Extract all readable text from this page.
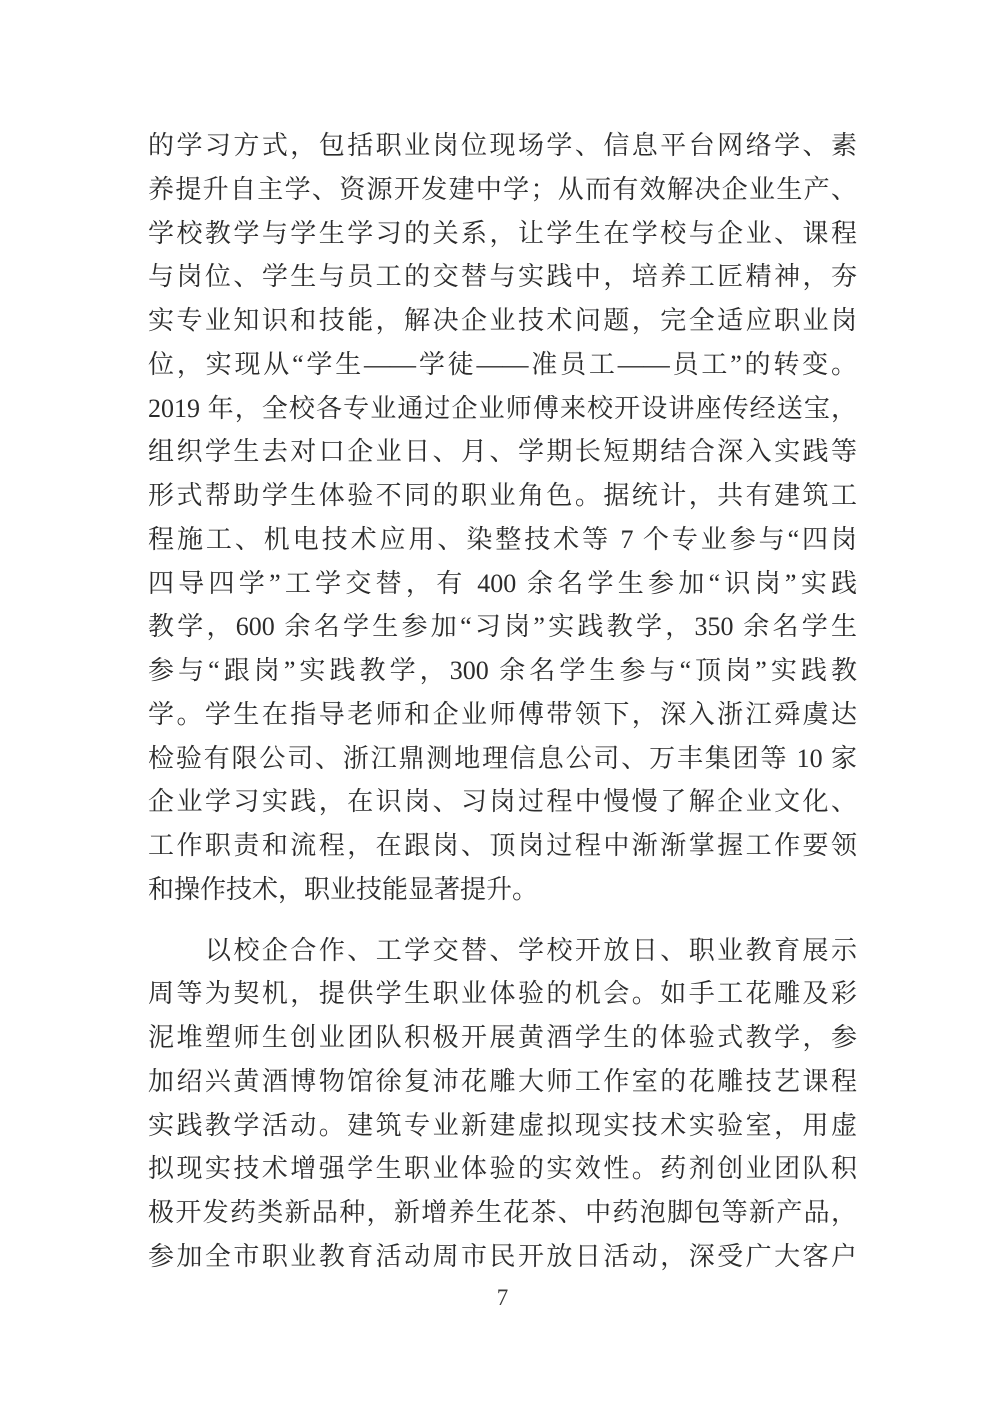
的学习方式，包括职业岗位现场学、信息平台网络学、素
养提升自主学、资源开发建中学；从而有效解决企业生产、
学校教学与学生学习的关系，让学生在学校与企业、课程
与岗位、学生与员工的交替与实践中，培养工匠精神，夯
实专业知识和技能，解决企业技术问题，完全适应职业岗
位，实现从“学生——学徒——准员工——员工”的转变。
2019 年，全校各专业通过企业师傅来校开设讲座传经送宝，
组织学生去对口企业日、月、学期长短期结合深入实践等
形式帮助学生体验不同的职业角色。据统计，共有建筑工
程施工、机电技术应用、染整技术等 7 个专业参与“四岗
四导四学”工学交替，有 400 余名学生参加“识岗”实践
教学，600 余名学生参加“习岗”实践教学，350 余名学生
参与“跟岗”实践教学，300 余名学生参与“顶岗”实践教
学。学生在指导老师和企业师傅带领下，深入浙江舜虞达
检验有限公司、浙江鼎测地理信息公司、万丰集团等 10 家
企业学习实践，在识岗、习岗过程中慢慢了解企业文化、
工作职责和流程，在跟岗、顶岗过程中渐渐掌握工作要领
和操作技术，职业技能显著提升。
以校企合作、工学交替、学校开放日、职业教育展示
周等为契机，提供学生职业体验的机会。如手工花雕及彩
泥堆塑师生创业团队积极开展黄酒学生的体验式教学，参
加绍兴黄酒博物馆徐复沛花雕大师工作室的花雕技艺课程
实践教学活动。建筑专业新建虚拟现实技术实验室，用虚
拟现实技术增强学生职业体验的实效性。药剂创业团队积
极开发药类新品种，新增养生花茶、中药泡脚包等新产品，
参加全市职业教育活动周市民开放日活动，深受广大客户
7
